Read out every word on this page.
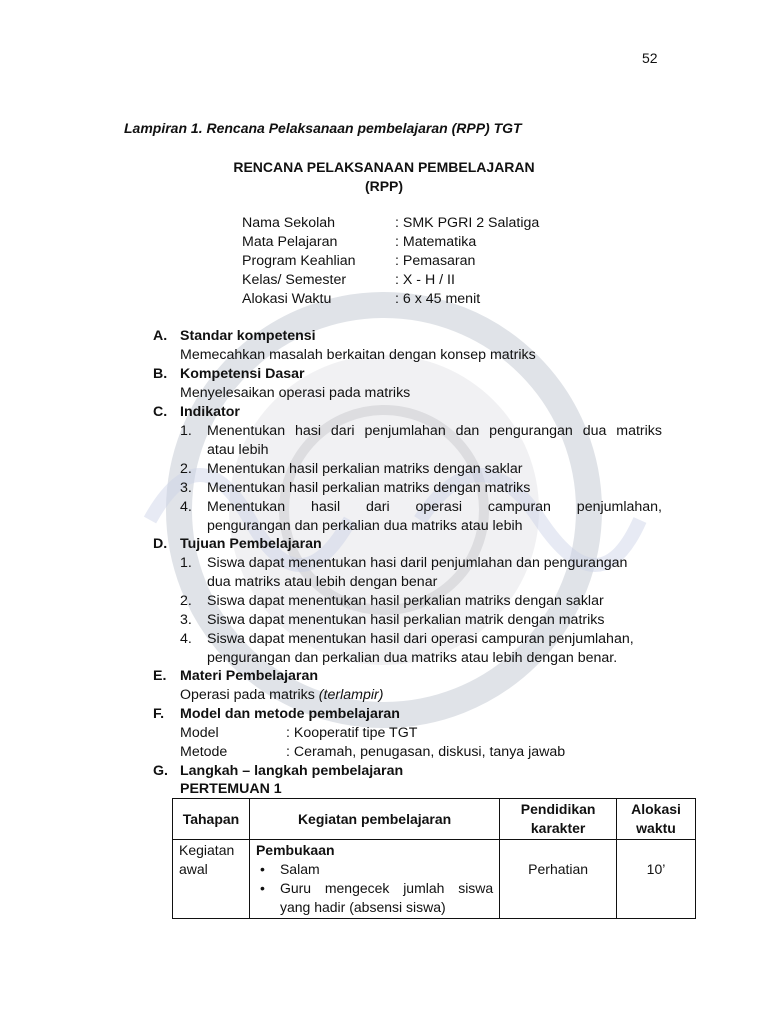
52
Lampiran 1. Rencana Pelaksanaan pembelajaran (RPP) TGT
RENCANA PELAKSANAAN PEMBELAJARAN
(RPP)
Nama Sekolah	: SMK PGRI 2 Salatiga
Mata Pelajaran	: Matematika
Program Keahlian	: Pemasaran
Kelas/ Semester	: X - H / II
Alokasi Waktu	: 6 x 45 menit
A. Standar kompetensi
Memecahkan masalah berkaitan dengan konsep matriks
B. Kompetensi Dasar
Menyelesaikan operasi pada matriks
C. Indikator
1. Menentukan hasi dari penjumlahan dan pengurangan dua matriks
atau lebih
2. Menentukan hasil perkalian matriks dengan saklar
3. Menentukan hasil perkalian matriks dengan matriks
4. Menentukan hasil dari operasi campuran penjumlahan,
pengurangan dan perkalian dua matriks atau lebih
D. Tujuan Pembelajaran
1. Siswa dapat menentukan hasi daril penjumlahan dan pengurangan
dua matriks atau lebih dengan benar
2. Siswa dapat menentukan hasil perkalian matriks dengan saklar
3. Siswa dapat menentukan hasil perkalian matrik dengan matriks
4. Siswa dapat menentukan hasil dari operasi campuran penjumlahan,
pengurangan dan perkalian dua matriks atau lebih dengan benar.
E. Materi Pembelajaran
Operasi pada matriks (terlampir)
F. Model dan metode pembelajaran
Model	: Kooperatif tipe TGT
Metode	: Ceramah, penugasan, diskusi, tanya jawab
G. Langkah – langkah pembelajaran
PERTEMUAN 1
Tahapan	Kegiatan pembelajaran	Pendidikan karakter	Alokasi waktu
Kegiatan awal	Pembukaan
• Salam
• Guru mengecek jumlah siswa yang hadir (absensi siswa)	Perhatian	10’
